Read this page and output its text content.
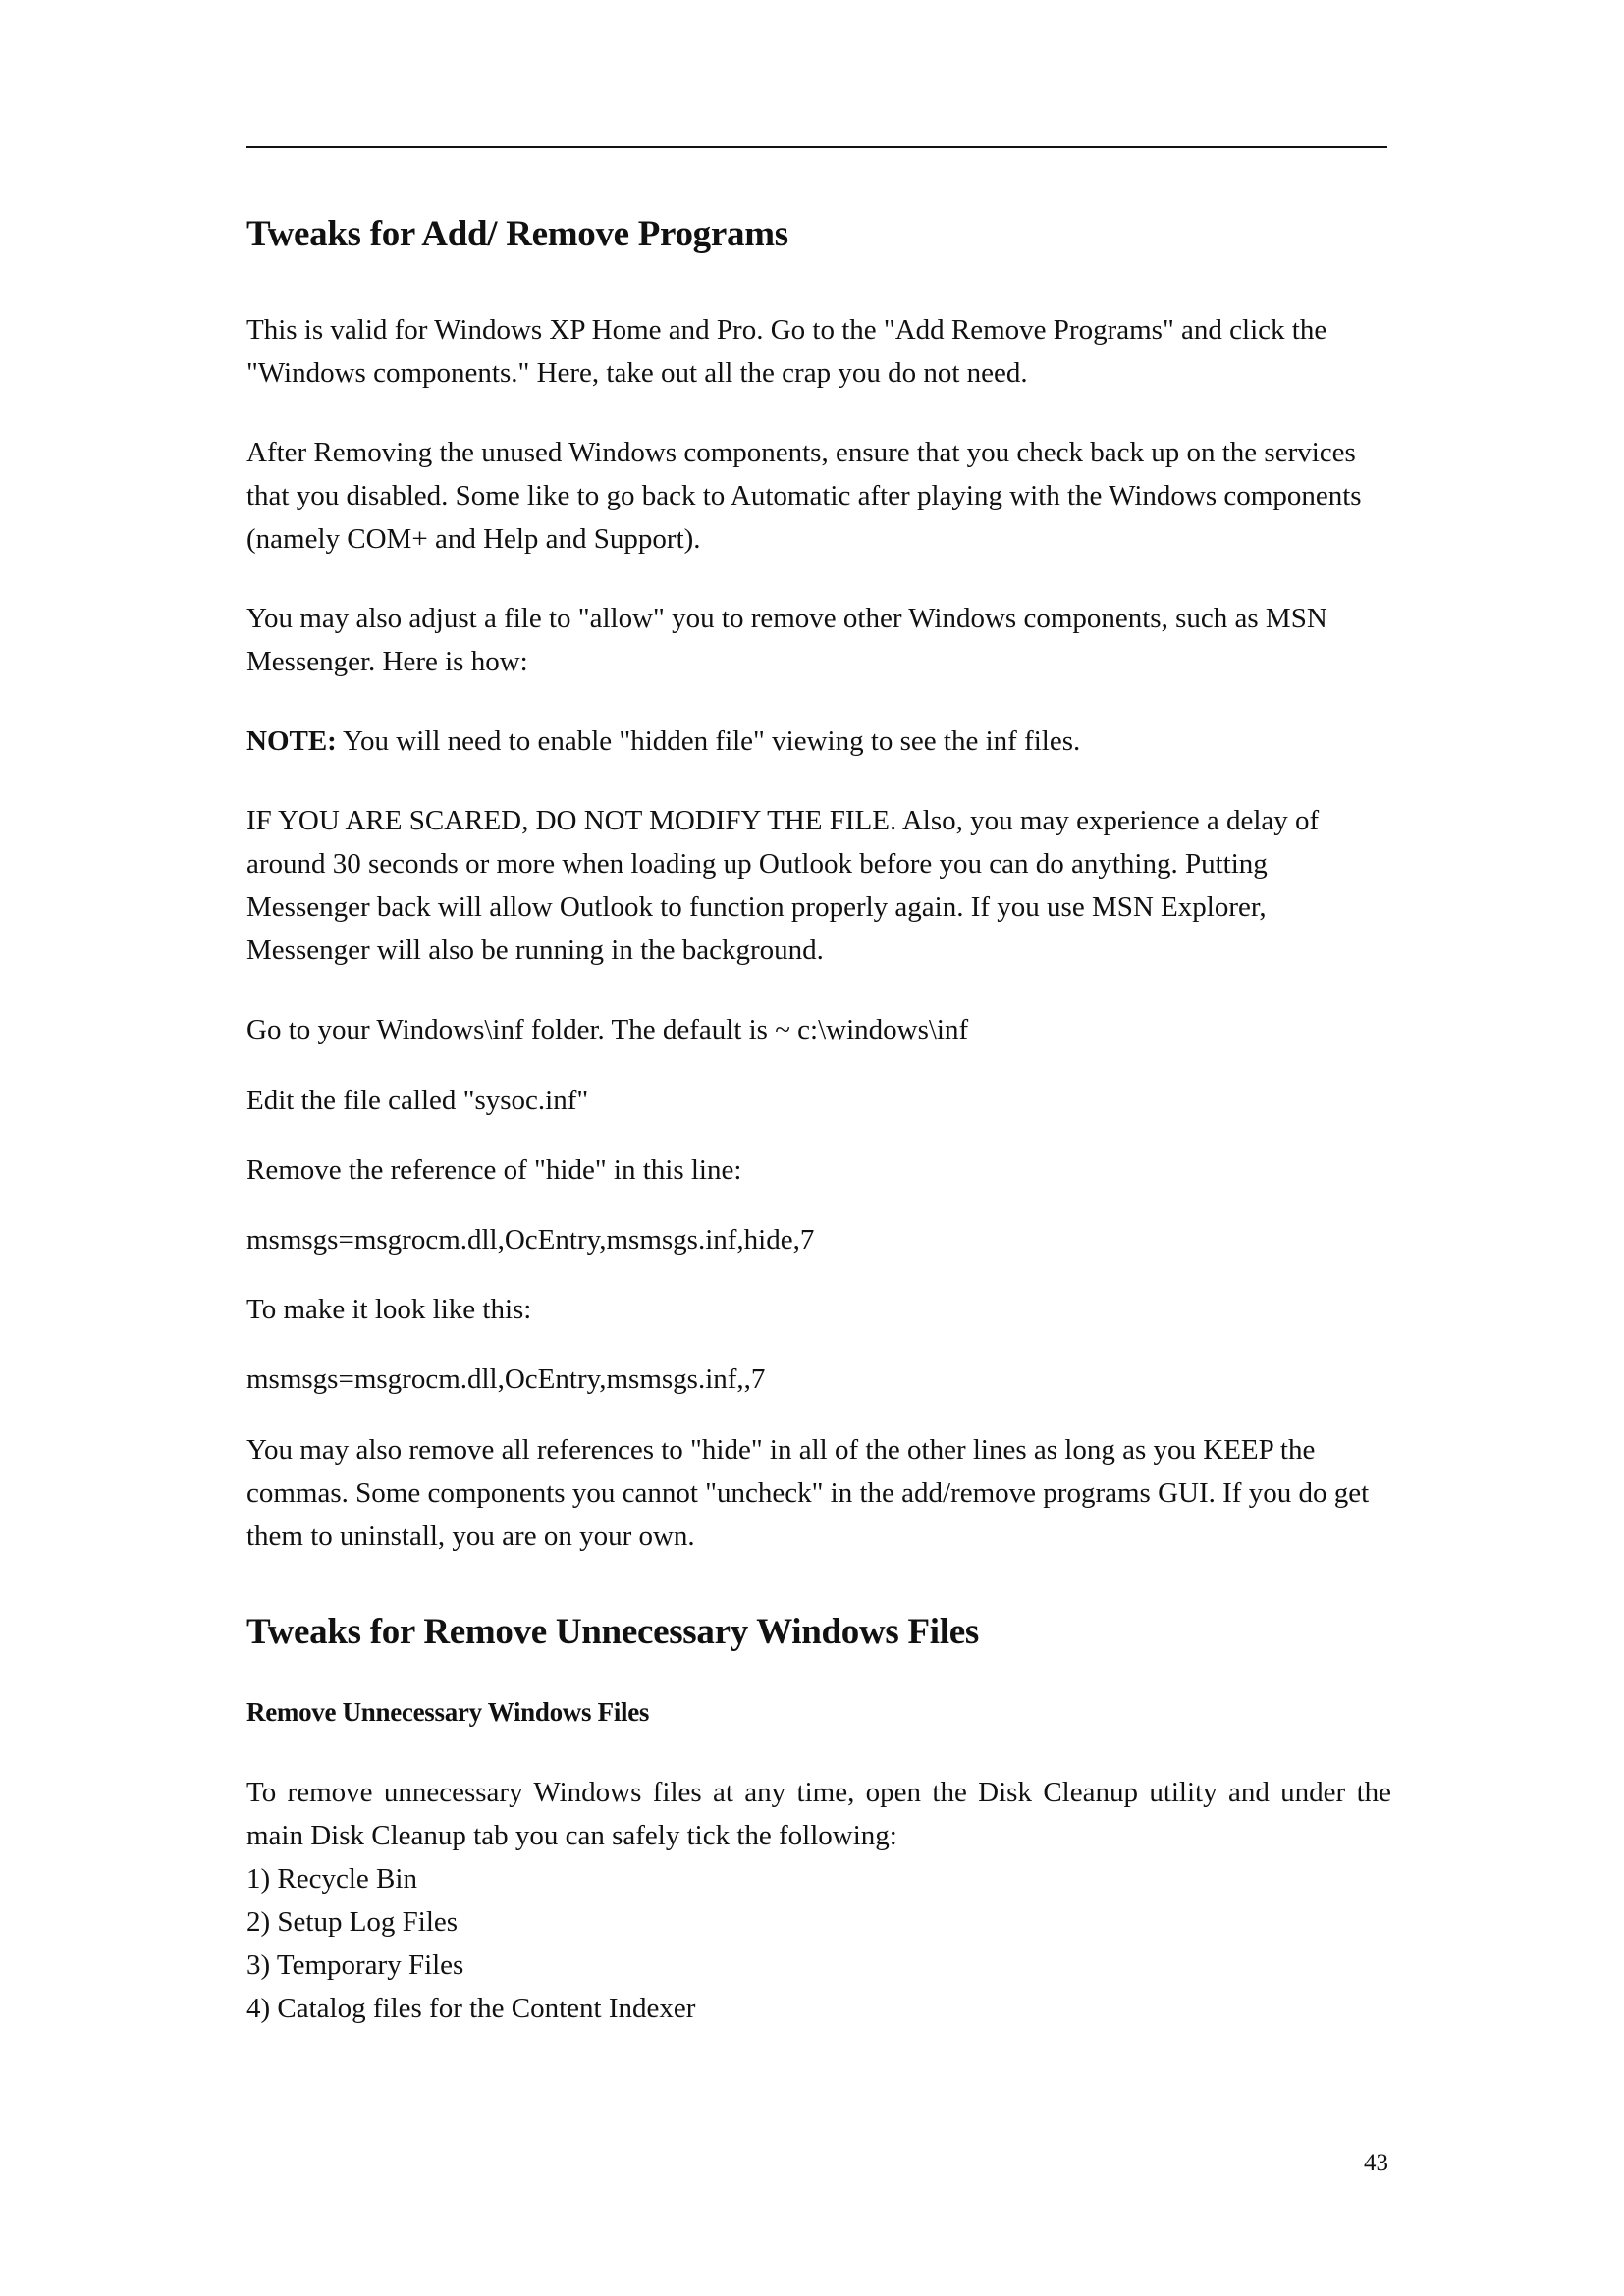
Tweaks for Add/ Remove Programs

This is valid for Windows XP Home and Pro. Go to the "Add Remove Programs" and click the "Windows components." Here, take out all the crap you do not need.

After Removing the unused Windows components, ensure that you check back up on the services that you disabled. Some like to go back to Automatic after playing with the Windows components (namely COM+ and Help and Support).

You may also adjust a file to "allow" you to remove other Windows components, such as MSN Messenger. Here is how:

NOTE: You will need to enable "hidden file" viewing to see the inf files.

IF YOU ARE SCARED, DO NOT MODIFY THE FILE. Also, you may experience a delay of around 30 seconds or more when loading up Outlook before you can do anything. Putting Messenger back will allow Outlook to function properly again. If you use MSN Explorer, Messenger will also be running in the background.

Go to your Windows\inf folder. The default is ~ c:\windows\inf

Edit the file called "sysoc.inf"

Remove the reference of "hide" in this line:

msmsgs=msgrocm.dll,OcEntry,msmsgs.inf,hide,7

To make it look like this:

msmsgs=msgrocm.dll,OcEntry,msmsgs.inf,,7

You may also remove all references to "hide" in all of the other lines as long as you KEEP the commas. Some components you cannot "uncheck" in the add/remove programs GUI. If you do get them to uninstall, you are on your own.

Tweaks for Remove Unnecessary Windows Files
Remove Unnecessary Windows Files

To remove unnecessary Windows files at any time, open the Disk Cleanup utility and under the main Disk Cleanup tab you can safely tick the following:

1) Recycle Bin
2) Setup Log Files
3) Temporary Files
4) Catalog files for the Content Indexer
43
